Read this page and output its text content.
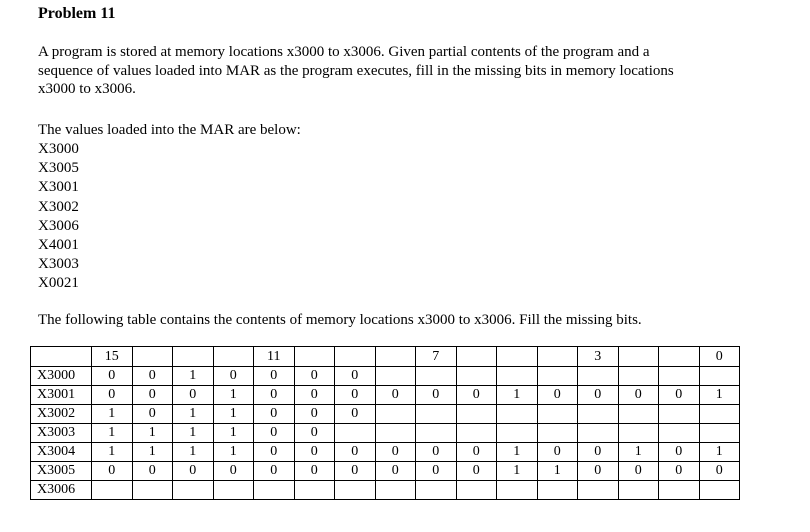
Problem 11
A program is stored at memory locations x3000 to x3006. Given partial contents of the program and a
sequence of values loaded into MAR as the program executes, fill in the missing bits in memory locations
x3000 to x3006.
The values loaded into the MAR are below:
X3000
X3005
X3001
X3002
X3006
X4001
X3003
X0021
The following table contains the contents of memory locations x3000 to x3006. Fill the missing bits.
	15				11				7				3			0
X3000	0	0	1	0	0	0	0									
X3001	0	0	0	1	0	0	0	0	0	0	1	0	0	0	0	1
X3002	1	0	1	1	0	0	0									
X3003	1	1	1	1	0	0										
X3004	1	1	1	1	0	0	0	0	0	0	1	0	0	1	0	1
X3005	0	0	0	0	0	0	0	0	0	0	1	1	0	0	0	0
X3006																
